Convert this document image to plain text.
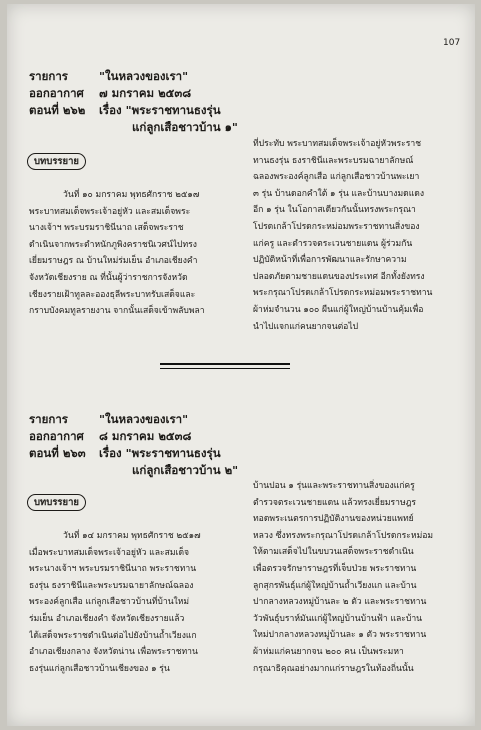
107
รายการ	"ในหลวงของเรา"
ออกอากาศ ๗ มกราคม ๒๕๓๘
ตอนที่ ๒๖๒ เรื่อง "พระราชทานธงรุ่น
แก่ลูกเสือชาวบ้าน ๑"
บทบรรยาย

วันที่ ๑๐ มกราคม พุทธศักราช ๒๕๑๗

พระบาทสมเด็จพระเจ้าอยู่หัว และสมเด็จพระ

นางเจ้าฯ พระบรมราชินีนาถ เสด็จพระราช

ดำเนินจากพระตำหนักภูพิงคราชนิเวศน์ไปทรง

เยี่ยมราษฎร ณ บ้านใหม่ร่มเย็น อำเภอเชียงคำ

จังหวัดเชียงราย ณ ที่นั้นผู้ว่าราชการจังหวัด

เชียงรายเฝ้าทูลละอองธุลีพระบาทรับเสด็จและ

กราบบังคมทูลรายงาน จากนั้นเสด็จเข้าพลับพลา

ที่ประทับ พระบาทสมเด็จพระเจ้าอยู่หัวพระราช

ทานธงรุ่น ธงราชินีและพระบรมฉายาลักษณ์

ฉลองพระองค์ลูกเสือ แก่ลูกเสือชาวบ้านพะเยา

๓ รุ่น บ้านดอกคำใต้ ๑ รุ่น และบ้านบางมดแดง

อีก ๑ รุ่น ในโอกาสเดียวกันนั้นทรงพระกรุณา

โปรดเกล้าโปรดกระหม่อมพระราชทานสิ่งของ

แก่ครู และตำรวจตระเวนชายแดน ผู้ร่วมกัน

ปฏิบัติหน้าที่เพื่อการพัฒนาและรักษาความ

ปลอดภัยตามชายแดนของประเทศ อีกทั้งยังทรง

พระกรุณาโปรดเกล้าโปรดกระหม่อมพระราชทาน

ผ้าห่มจำนวน ๑๐๐ ผืนแก่ผู้ใหญ่บ้านบ้านคุ้มเพื่อ

นำไปแจกแก่คนยากจนต่อไป

รายการ	"ในหลวงของเรา"
ออกอากาศ ๘ มกราคม ๒๕๓๘
ตอนที่ ๒๖๓ เรื่อง "พระราชทานธงรุ่น
แก่ลูกเสือชาวบ้าน ๒"
บทบรรยาย

วันที่ ๑๔ มกราคม พุทธศักราช ๒๕๑๗

เมื่อพระบาทสมเด็จพระเจ้าอยู่หัว และสมเด็จ

พระนางเจ้าฯ พระบรมราชินีนาถ พระราชทาน

ธงรุ่น ธงราชินีและพระบรมฉายาลักษณ์ฉลอง

พระองค์ลูกเสือ แก่ลูกเสือชาวบ้านที่บ้านใหม่

ร่มเย็น อำเภอเชียงคำ จังหวัดเชียงรายแล้ว

ได้เสด็จพระราชดำเนินต่อไปยังบ้านถ้ำเวียงแก

อำเภอเชียงกลาง จังหวัดน่าน เพื่อพระราชทาน

ธงรุ่นแก่ลูกเสือชาวบ้านเชียงของ ๑ รุ่น

บ้านปอน ๑ รุ่นและพระราชทานสิ่งของแก่ครู

ตำรวจตระเวนชายแดน แล้วทรงเยี่ยมราษฎร

ทอดพระเนตรการปฏิบัติงานของหน่วยแพทย์

หลวง ซึ่งทรงพระกรุณาโปรดเกล้าโปรดกระหม่อม

ให้ตามเสด็จไปในขบวนเสด็จพระราชดำเนิน

เพื่อตรวจรักษาราษฎรที่เจ็บป่วย พระราชทาน

ลูกสุกรพันธุ์แก่ผู้ใหญ่บ้านถ้ำเวียงแก และบ้าน

ปากลางหลวงหมู่บ้านละ ๒ ตัว และพระราชทาน

วัวพันธุ์บราห์มันแก่ผู้ใหญ่บ้านบ้านฟ้า และบ้าน

ใหม่ปากลางหลวงหมู่บ้านละ ๑ ตัว พระราชทาน

ผ้าห่มแก่คนยากจน ๒๐๐ คน เป็นพระมหา

กรุณาธิคุณอย่างมากแก่ราษฎรในท้องถิ่นนั้น
